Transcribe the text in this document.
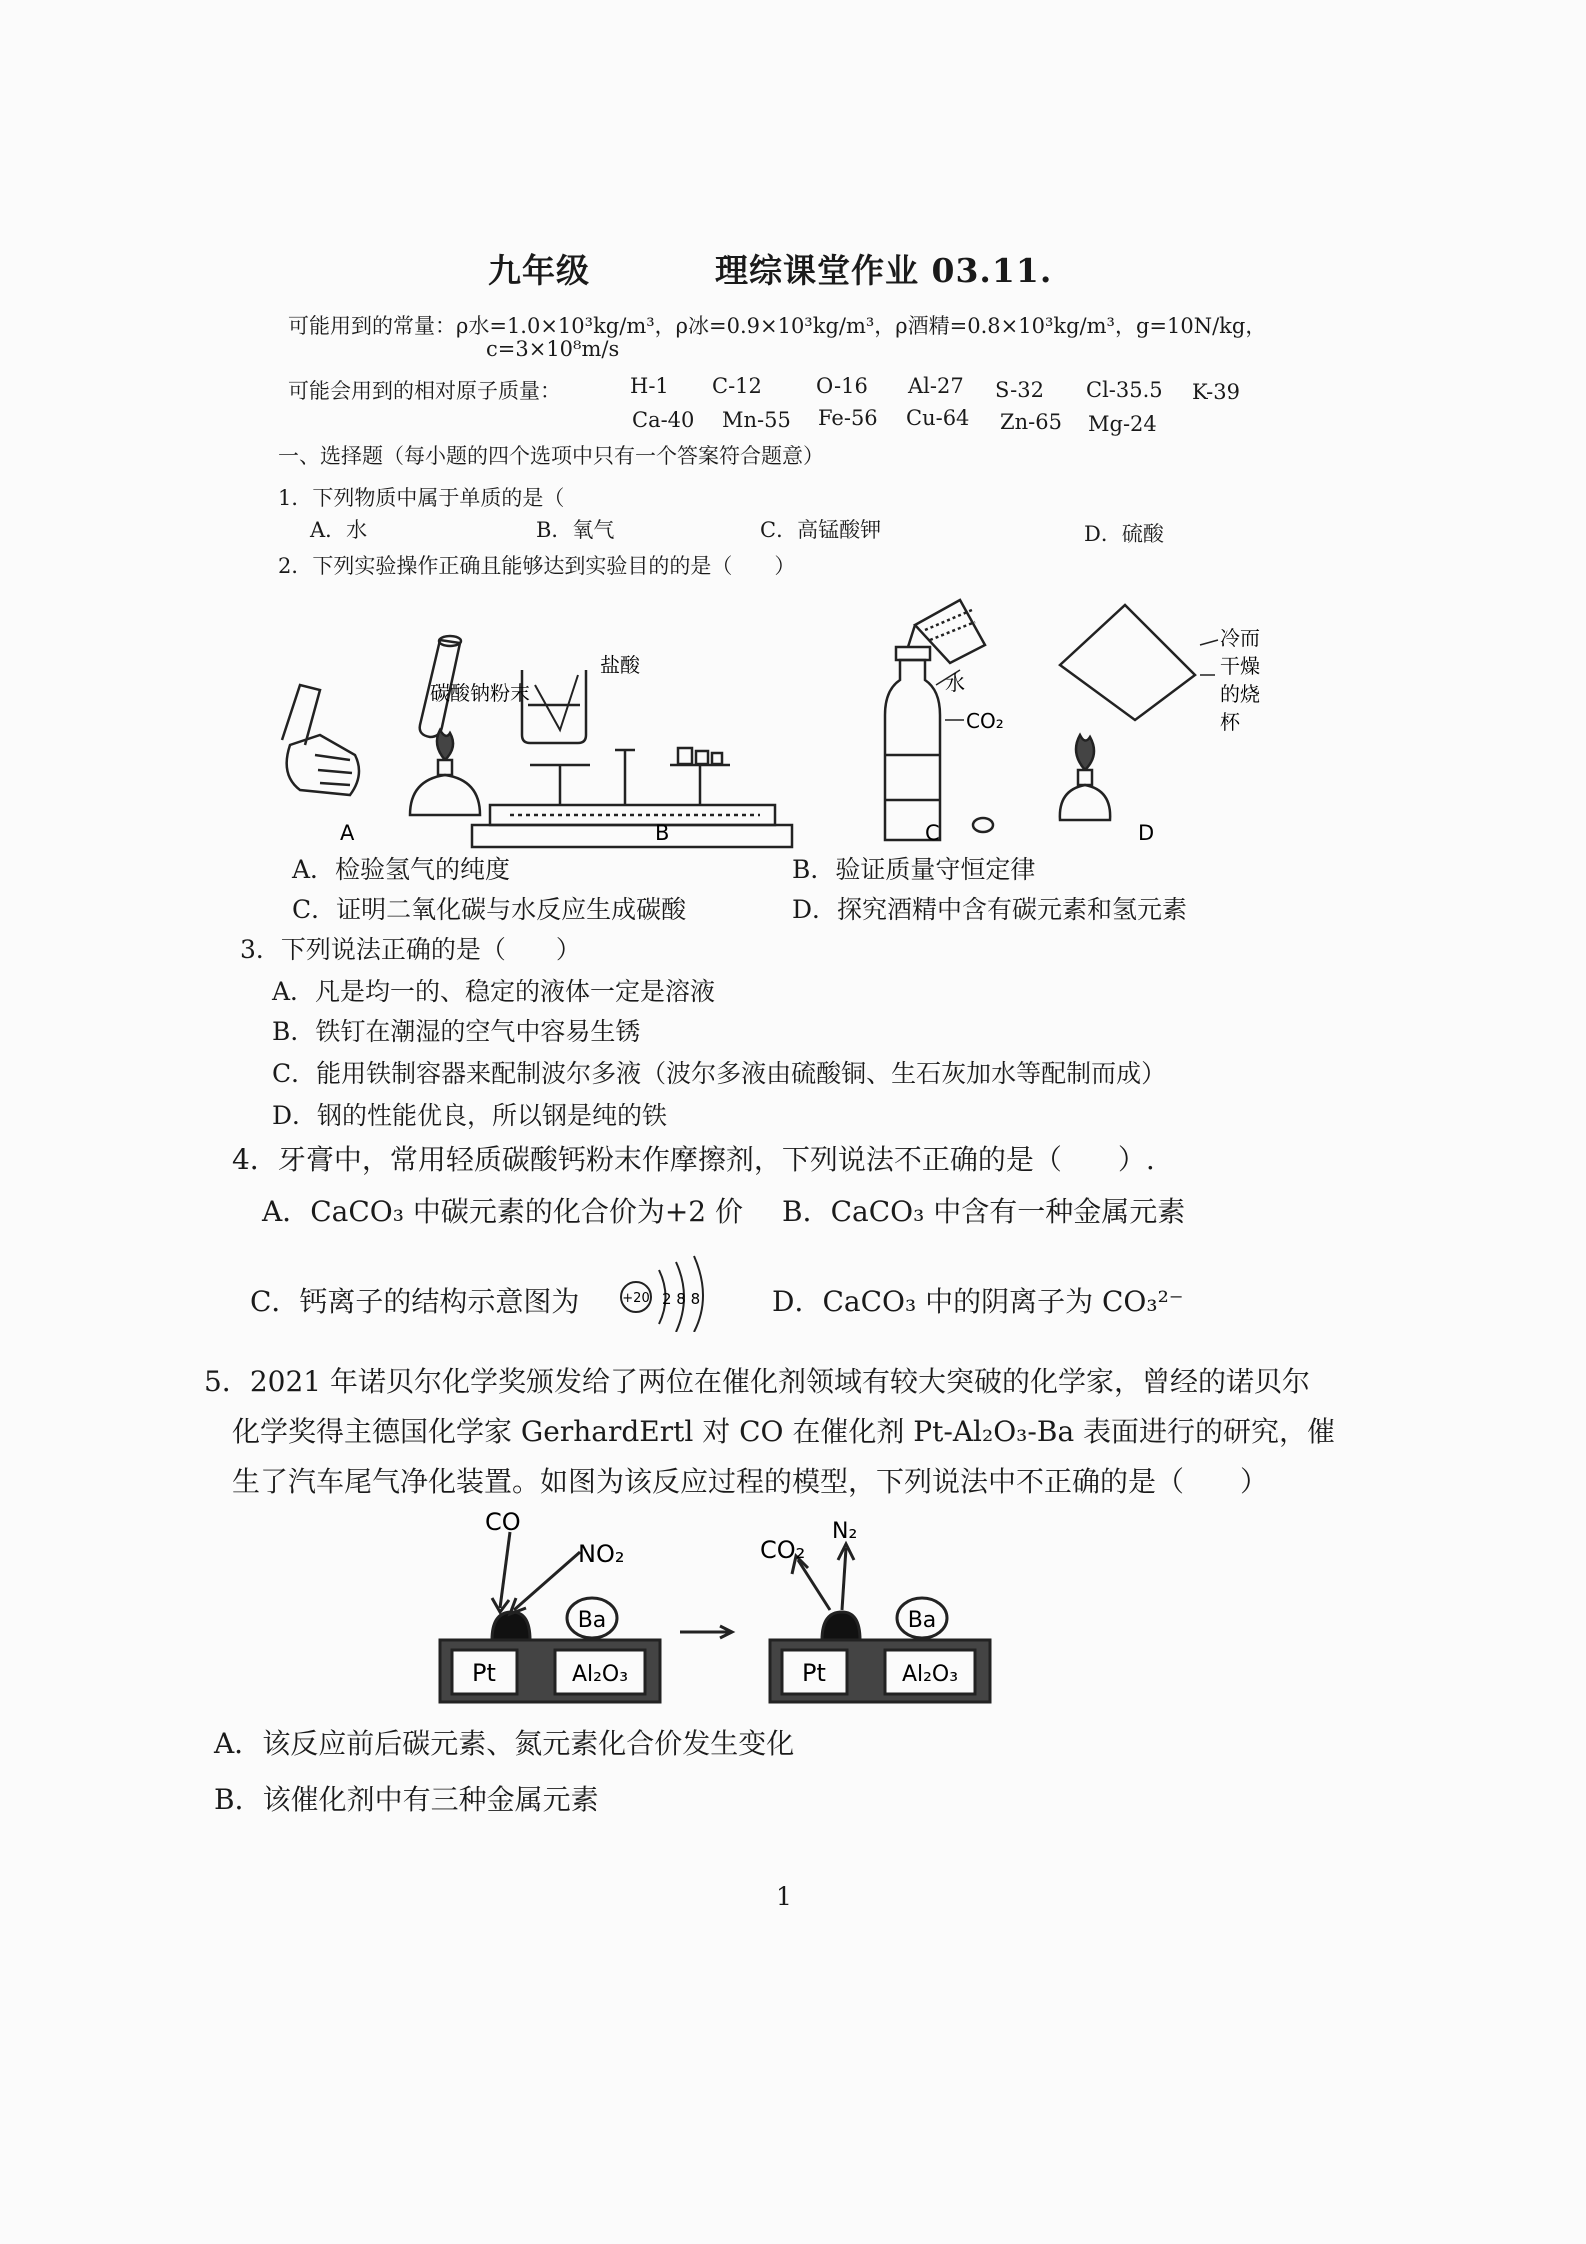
九年级	理综课堂作业 03.11.
可能用到的常量：ρ水=1.0×10³kg/m³，ρ冰=0.9×10³kg/m³，ρ酒精=0.8×10³kg/m³，g=10N/kg，
c=3×10⁸m/s
可能会用到的相对原子质量：	H-1 C-12	O-16 Al-27 S-32 Cl-35.5 K-39
Ca-40 Mn-55 Fe-56 Cu-64 Zn-65 Mg-24
一、选择题（每小题的四个选项中只有一个答案符合题意）
1．下列物质中属于单质的是（
A．水	B．氧气	C．高锰酸钾	D．硫酸
2．下列实验操作正确且能够达到实验目的的是（　　）
盐酸
碳酸钠粉末	水
CO₂
冷而
干燥
的烧
杯
A	B	C	D
A．检验氢气的纯度	B．验证质量守恒定律
C．证明二氧化碳与水反应生成碳酸	D．探究酒精中含有碳元素和氢元素
3．下列说法正确的是（　　）
A．凡是均一的、稳定的液体一定是溶液
B．铁钉在潮湿的空气中容易生锈
C．能用铁制容器来配制波尔多液（波尔多液由硫酸铜、生石灰加水等配制而成）
D．钢的性能优良，所以钢是纯的铁
4．牙膏中，常用轻质碳酸钙粉末作摩擦剂，下列说法不正确的是（　　）.
A．CaCO₃ 中碳元素的化合价为+2 价 B．CaCO₃ 中含有一种金属元素
C．钙离子的结构示意图为	+20 2 8 8	D．CaCO₃ 中的阴离子为 CO₃²⁻
5．2021 年诺贝尔化学奖颁发给了两位在催化剂领域有较大突破的化学家，曾经的诺贝尔
化学奖得主德国化学家 GerhardErtl 对 CO 在催化剂 Pt-Al₂O₃-Ba 表面进行的研究，催
生了汽车尾气净化装置。如图为该反应过程的模型，下列说法中不正确的是（　　）
CO
NO₂
Ba
Pt	Al₂O₃
CO₂
N₂
Ba
Pt	Al₂O₃
A．该反应前后碳元素、氮元素化合价发生变化
B．该催化剂中有三种金属元素
1
